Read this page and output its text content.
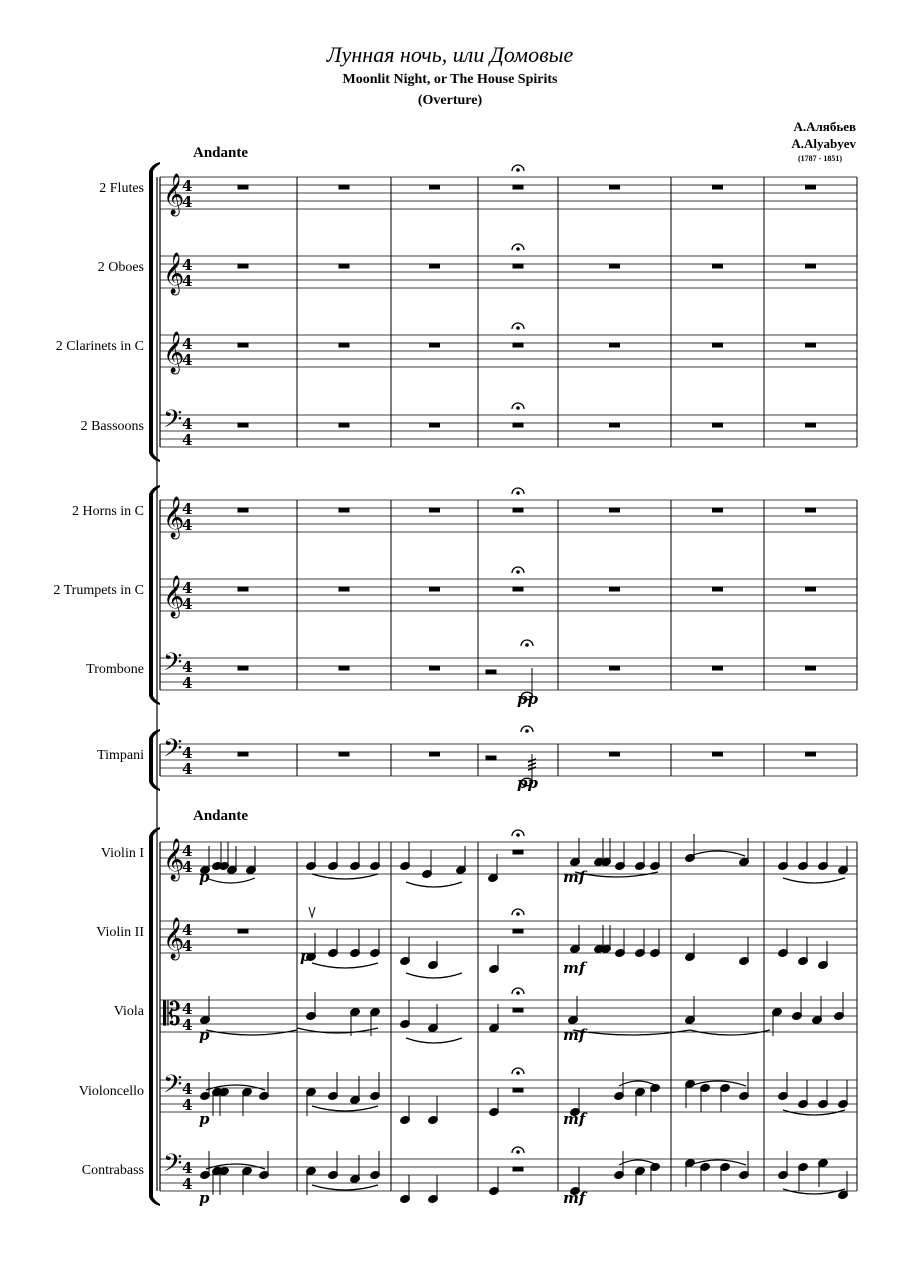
Лунная ночь, или Домовые
Moonlit Night, or The House Spirits
(Overture)
А.Алябьев
A.Alyabyev
(1787 - 1851)
Andante
Andante
2 Flutes
2 Oboes
2 Clarinets in C
2 Bassoons
2 Horns in C
2 Trumpets in C
Trombone
Timpani
Violin I
Violin II
Viola
Violoncello
Contrabass
𝄞
4
4
𝄞
4
4
𝄞
4
4
𝄢 4
4
𝄞
4
4
𝄞
4
4
𝄢 4
4
𝄢 4
4
𝄞
4
4
𝄞
4
4
𝄡 4
4
𝄢 4
4
𝄢 4
4
pp
pp
p	mf
p
mf
p	mf
p	mf
p	mf
